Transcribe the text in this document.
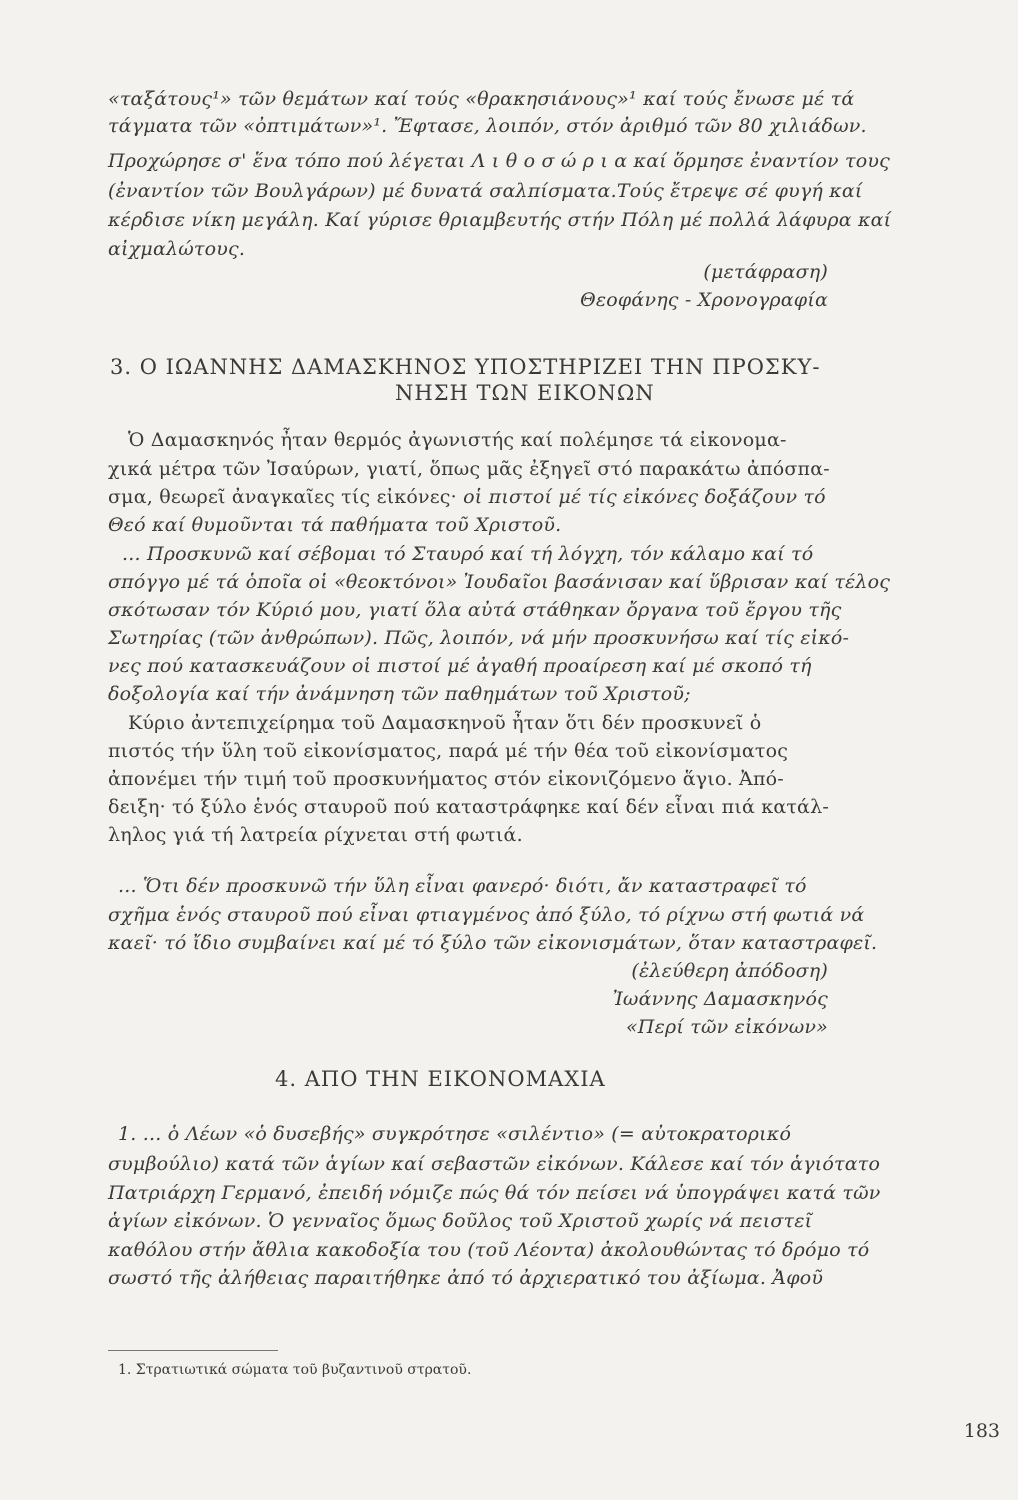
«ταξάτους¹» τῶν θεμάτων καί τούς «θρακησιάνους»¹ καί τούς ἔνωσε μέ τά
τάγματα τῶν «ὀπτιμάτων»¹. Ἔφτασε, λοιπόν, στόν ἀριθμό τῶν 80 χιλιάδων.
Προχώρησε σ' ἕνα τόπο πού λέγεται Λ ι θ ο σ ώ ρ ι α καί ὅρμησε ἐναντίον τους
(ἐναντίον τῶν Βουλγάρων) μέ δυνατά σαλπίσματα.Τούς ἔτρεψε σέ φυγή καί
κέρδισε νίκη μεγάλη. Καί γύρισε θριαμβευτής στήν Πόλη μέ πολλά λάφυρα καί
αἰχμαλώτους.
(μετάφραση)
Θεοφάνης - Χρονογραφία
3. Ο ΙΩΑΝΝΗΣ ΔΑΜΑΣΚΗΝΟΣ ΥΠΟΣΤΗΡΙΖΕΙ ΤΗΝ ΠΡΟΣΚΥ-
ΝΗΣΗ ΤΩΝ ΕΙΚΟΝΩΝ
Ὁ Δαμασκηνός ἦταν θερμός ἀγωνιστής καί πολέμησε τά εἰκονομα-
χικά μέτρα τῶν Ἰσαύρων, γιατί, ὅπως μᾶς ἐξηγεῖ στό παρακάτω ἀπόσπα-
σμα, θεωρεῖ ἀναγκαῖες τίς εἰκόνες· οἱ πιστοί μέ τίς εἰκόνες δοξάζουν τό
Θεό καί θυμοῦνται τά παθήματα τοῦ Χριστοῦ.
... Προσκυνῶ καί σέβομαι τό Σταυρό καί τή λόγχη, τόν κάλαμο καί τό
σπόγγο μέ τά ὁποῖα οἱ «θεοκτόνοι» Ἰουδαῖοι βασάνισαν καί ὕβρισαν καί τέλος
σκότωσαν τόν Κύριό μου, γιατί ὅλα αὐτά στάθηκαν ὄργανα τοῦ ἔργου τῆς
Σωτηρίας (τῶν ἀνθρώπων). Πῶς, λοιπόν, νά μήν προσκυνήσω καί τίς εἰκό-
νες πού κατασκευάζουν οἱ πιστοί μέ ἀγαθή προαίρεση καί μέ σκοπό τή
δοξολογία καί τήν ἀνάμνηση τῶν παθημάτων τοῦ Χριστοῦ;
Κύριο ἀντεπιχείρημα τοῦ Δαμασκηνοῦ ἦταν ὅτι δέν προσκυνεῖ ὁ
πιστός τήν ὕλη τοῦ εἰκονίσματος, παρά μέ τήν θέα τοῦ εἰκονίσματος
ἀπονέμει τήν τιμή τοῦ προσκυνήματος στόν εἰκονιζόμενο ἅγιο. Ἀπό-
δειξη· τό ξύλο ἑνός σταυροῦ πού καταστράφηκε καί δέν εἶναι πιά κατάλ-
ληλος γιά τή λατρεία ρίχνεται στή φωτιά.
... Ὅτι δέν προσκυνῶ τήν ὕλη εἶναι φανερό· διότι, ἄν καταστραφεῖ τό
σχῆμα ἑνός σταυροῦ πού εἶναι φτιαγμένος ἀπό ξύλο, τό ρίχνω στή φωτιά νά
καεῖ· τό ἴδιο συμβαίνει καί μέ τό ξύλο τῶν εἰκονισμάτων, ὅταν καταστραφεῖ.
(ἐλεύθερη ἀπόδοση)
Ἰωάννης Δαμασκηνός
«Περί τῶν εἰκόνων»
4. ΑΠΟ ΤΗΝ ΕΙΚΟΝΟΜΑΧΙΑ
1. ... ὁ Λέων «ὁ δυσεβής» συγκρότησε «σιλέντιο» (= αὐτοκρατορικό
συμβούλιο) κατά τῶν ἁγίων καί σεβαστῶν εἰκόνων. Κάλεσε καί τόν ἁγιότατο
Πατριάρχη Γερμανό, ἐπειδή νόμιζε πώς θά τόν πείσει νά ὑπογράψει κατά τῶν
ἁγίων εἰκόνων. Ὁ γενναῖος ὅμως δοῦλος τοῦ Χριστοῦ χωρίς νά πειστεῖ
καθόλου στήν ἄθλια κακοδοξία του (τοῦ Λέοντα) ἀκολουθώντας τό δρόμο τό
σωστό τῆς ἀλήθειας παραιτήθηκε ἀπό τό ἀρχιερατικό του ἀξίωμα. Ἀφοῦ
1. Στρατιωτικά σώματα τοῦ βυζαντινοῦ στρατοῦ.
183
